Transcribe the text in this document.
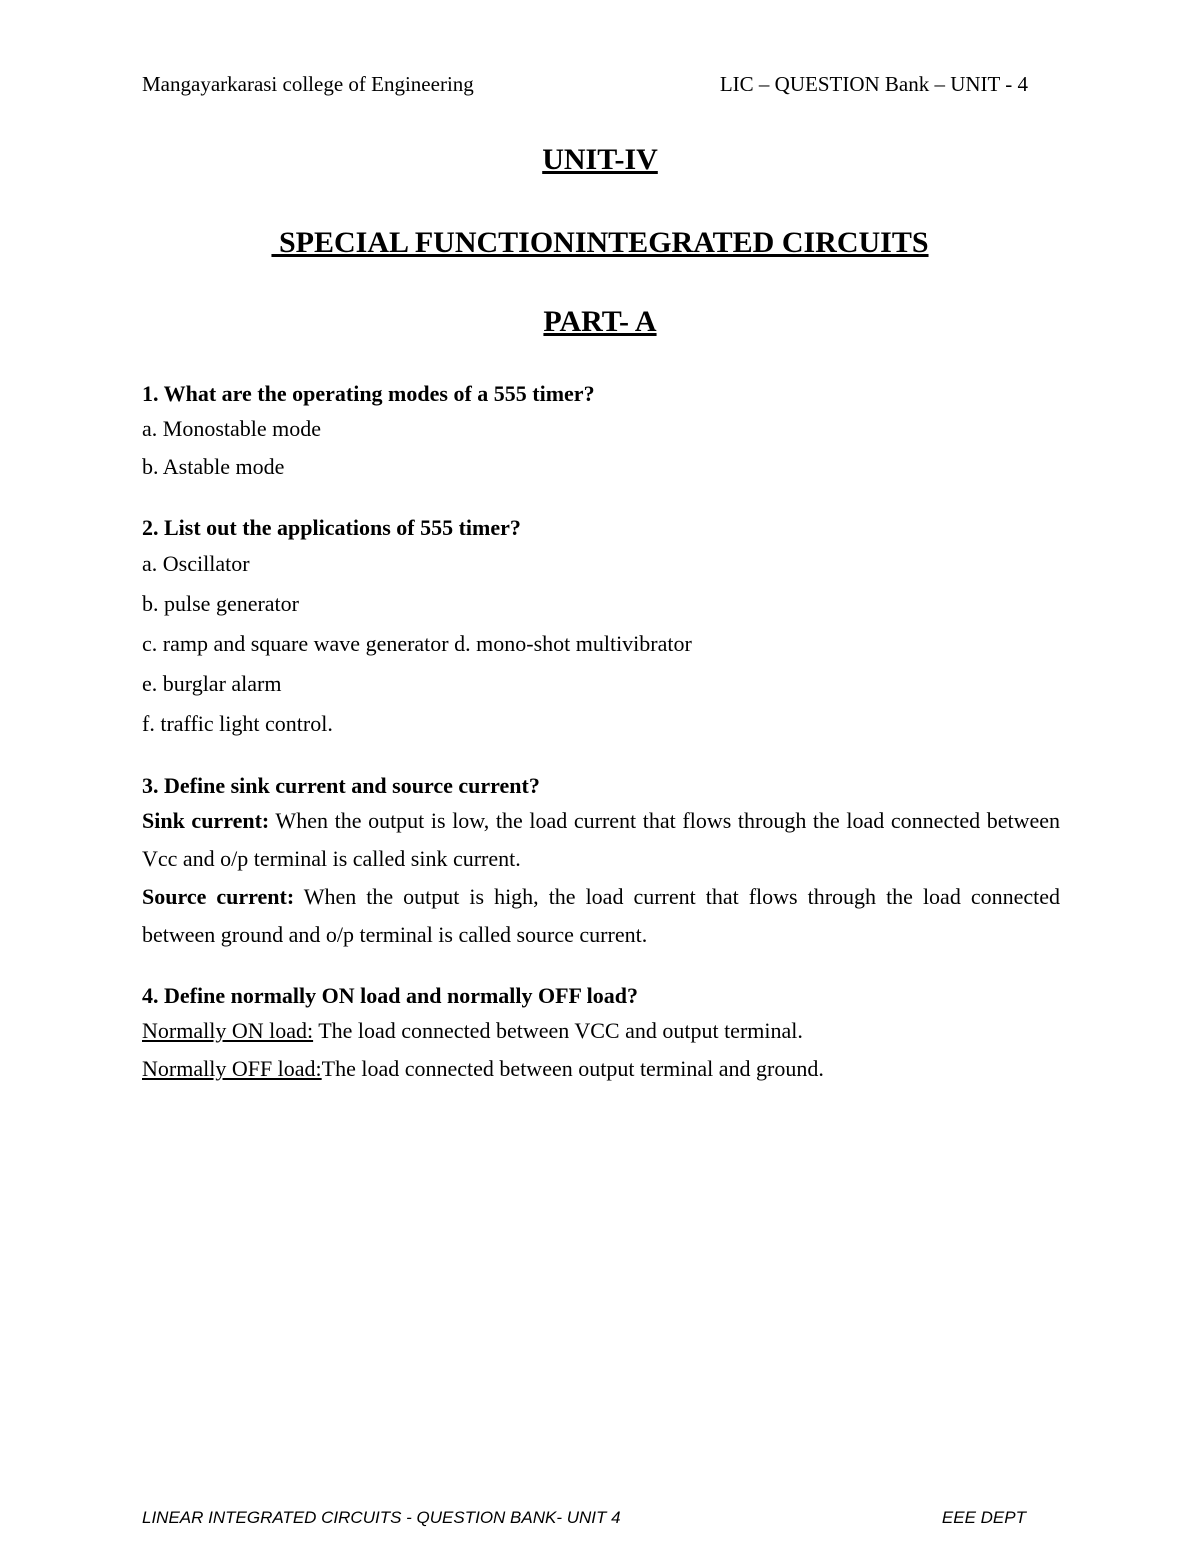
Mangayarkarasi college of Engineering	LIC – QUESTION Bank – UNIT - 4
UNIT-IV
SPECIAL FUNCTIONINTEGRATED CIRCUITS
PART- A

1. What are the operating modes of a 555 timer?

a. Monostable mode

b. Astable mode

2. List out the applications of 555 timer?

a. Oscillator

b. pulse generator

c. ramp and square wave generator d. mono-shot multivibrator

e. burglar alarm

f. traffic light control.

3. Define sink current and source current?

Sink current: When the output is low, the load current that flows through the load connected between Vcc and o/p terminal is called sink current.

Source current: When the output is high, the load current that flows through the load connected between ground and o/p terminal is called source current.

4. Define normally ON load and normally OFF load?

Normally ON load: The load connected between VCC and output terminal.

Normally OFF load:The load connected between output terminal and ground.

LINEAR INTEGRATED CIRCUITS - QUESTION BANK- UNIT 4	EEE DEPT
